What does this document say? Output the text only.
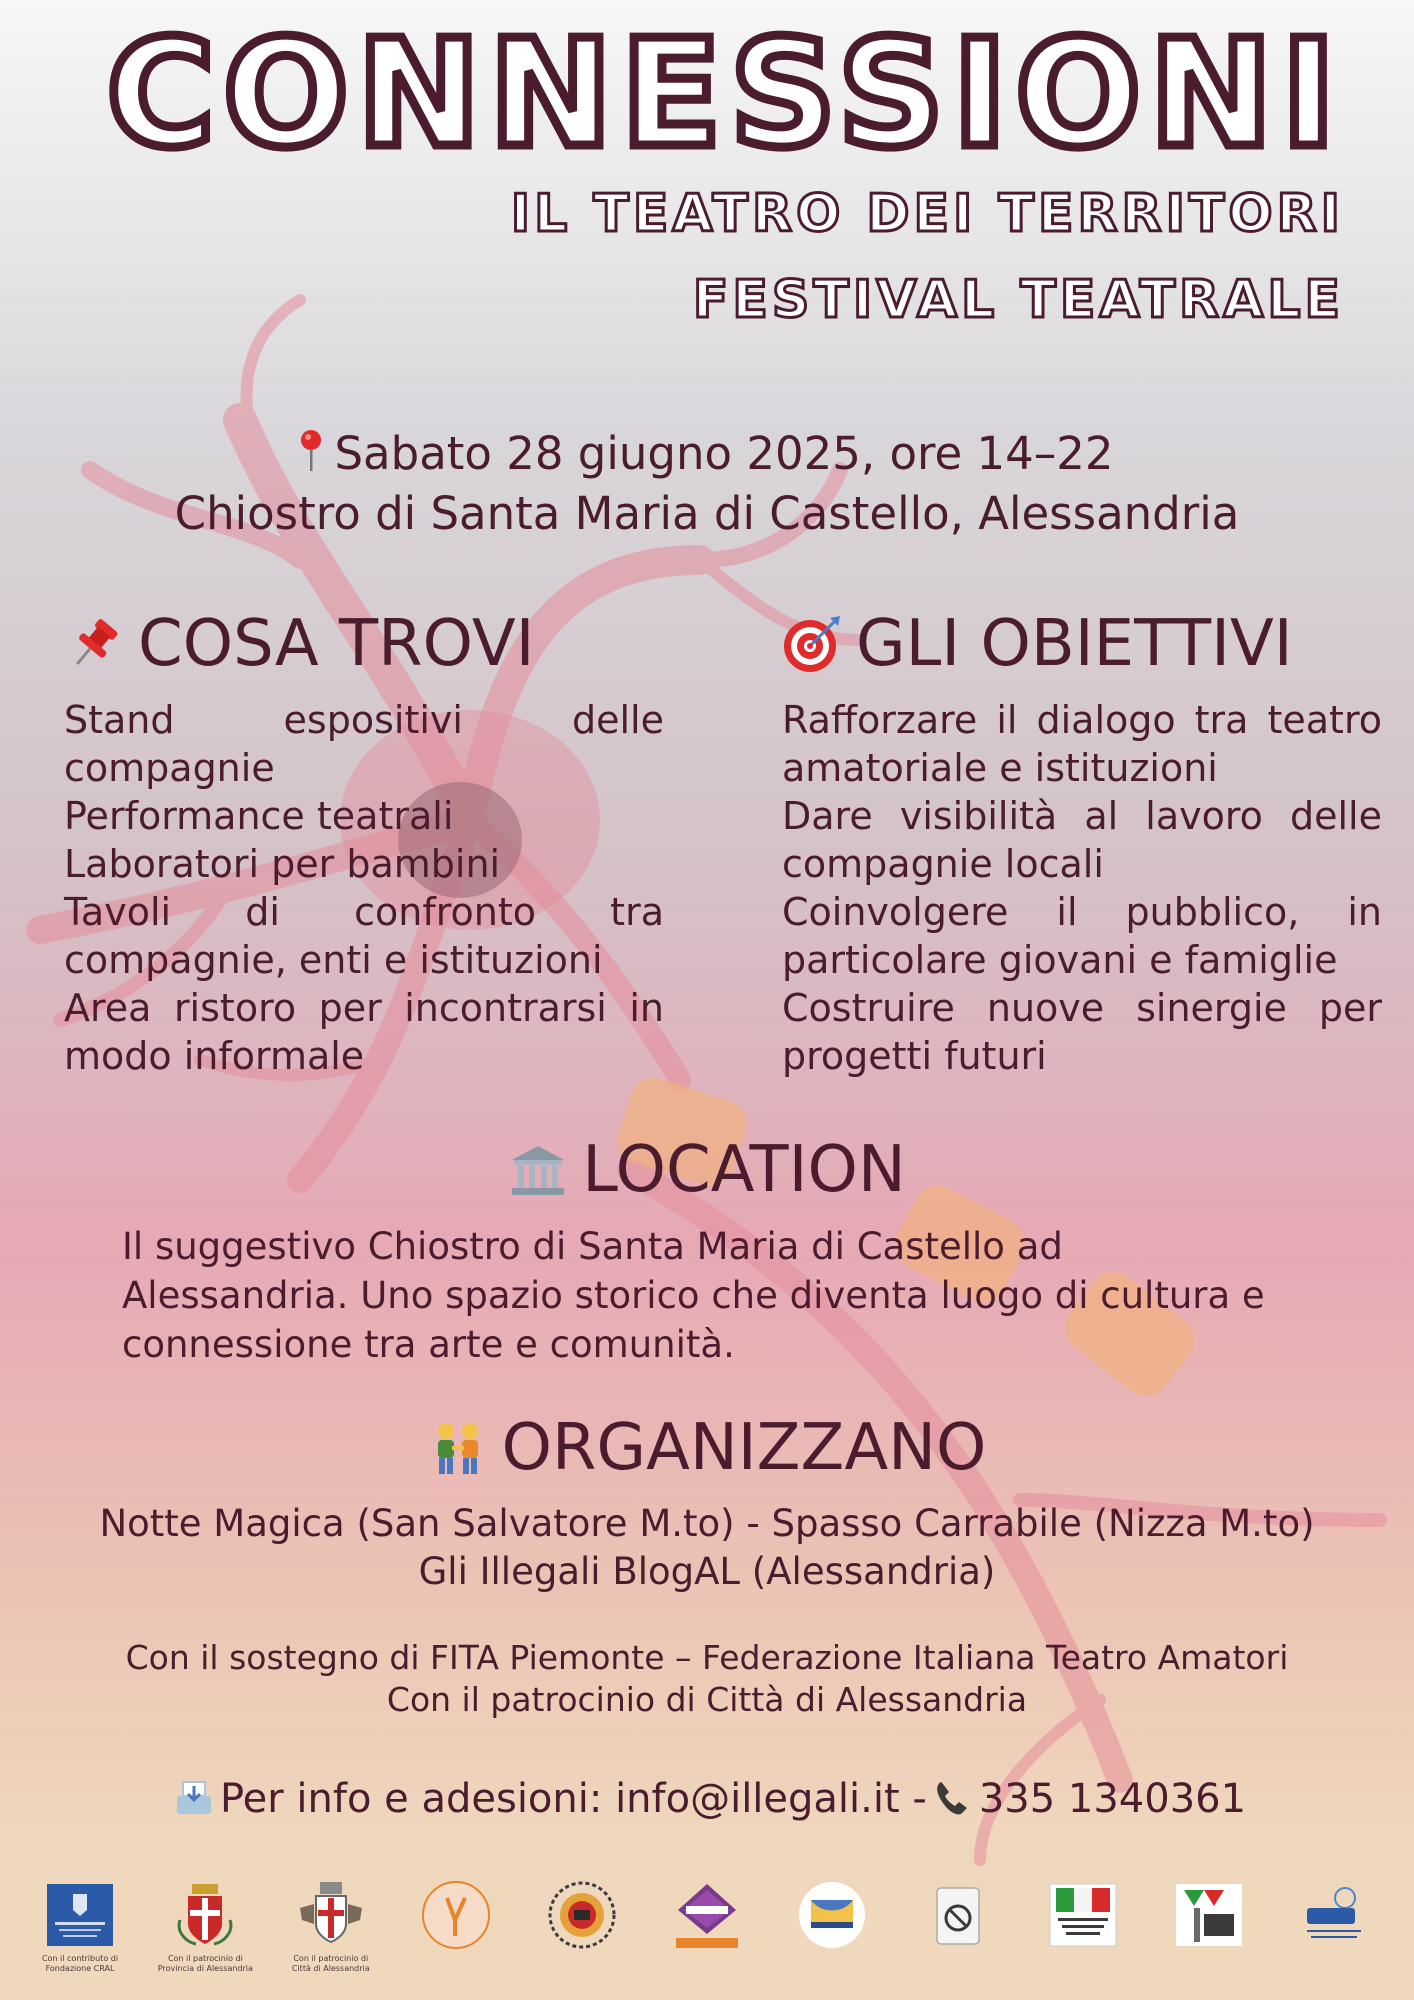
CONNESSIONI
IL TEATRO DEI TERRITORI
FESTIVAL TEATRALE
Sabato 28 giugno 2025, ore 14–22
Chiostro di Santa Maria di Castello, Alessandria
COSA TROVI
Stand espositivi delle compagnie
Performance teatrali
Laboratori per bambini
Tavoli di confronto tra compagnie, enti e istituzioni
Area ristoro per incontrarsi in modo informale
GLI OBIETTIVI
Rafforzare il dialogo tra teatro amatoriale e istituzioni
Dare visibilità al lavoro delle compagnie locali
Coinvolgere il pubblico, in particolare giovani e famiglie
Costruire nuove sinergie per progetti futuri
LOCATION
Il suggestivo Chiostro di Santa Maria di Castello ad Alessandria. Uno spazio storico che diventa luogo di cultura e connessione tra arte e comunità.
ORGANIZZANO
Notte Magica (San Salvatore M.to) - Spasso Carrabile (Nizza M.to)
Gli Illegali BlogAL (Alessandria)
Con il sostegno di FITA Piemonte – Federazione Italiana Teatro Amatori
Con il patrocinio di Città di Alessandria
Per info e adesioni: info@illegali.it - 335 1340361
Con il contributo di
Fondazione CRAL
Con il patrocinio di
Provincia di Alessandria
Con il patrocinio di
Città di Alessandria
